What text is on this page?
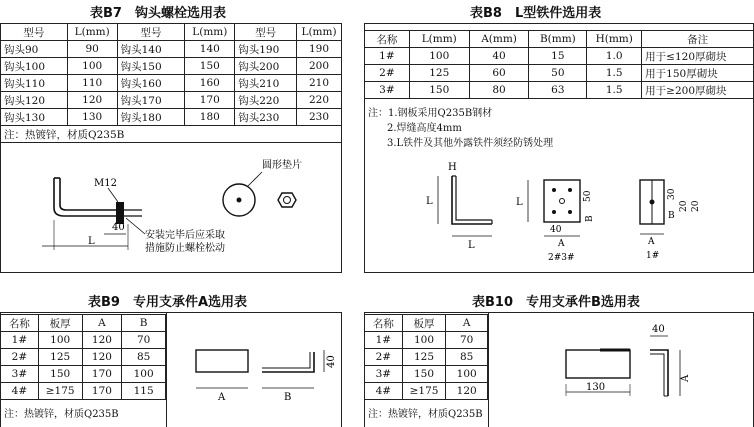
表B7　钩头螺栓选用表
型号	L(mm)	型号	L(mm)	型号	L(mm)
钩头90	90	钩头140	140	钩头190	190
钩头100	100	钩头150	150	钩头200	200
钩头110	110	钩头160	160	钩头210	210
钩头120	120	钩头170	170	钩头220	220
钩头130	130	钩头180	180	钩头230	230
注：热镀锌，材质Q235B					
M12
40
L
安装完毕后应采取
措施防止螺栓松动
圆形垫片
表B8　L型铁件选用表
名称	L(mm)	A(mm)	B(mm)	H(mm)	备注
1#	100	40	15	1.0	用于≤120厚砌块
2#	125	60	50	1.5	用于150厚砌块
3#	150	80	63	1.5	用于≥200厚砌块
注：1.钢板采用Q235B钢材
2.焊缝高度4mm
3.L铁件及其他外露铁件须经防锈处理
L
L
H
L
50
B
40
A
2#3#
30
20 20
B
A
1#
表B9　专用支承件A选用表
名称	板厚	A	B
1#	100	120	70
2#	125	120	85
3#	150	170	100
4#	≥175	170	115
注：热镀锌，材质Q235B
A	B
40
表B10　专用支承件B选用表
名称	板厚	A
1#	100	70
2#	125	85
3#	150	100
4#	≥175	120
注：热镀锌，材质Q235B
130
40
A
